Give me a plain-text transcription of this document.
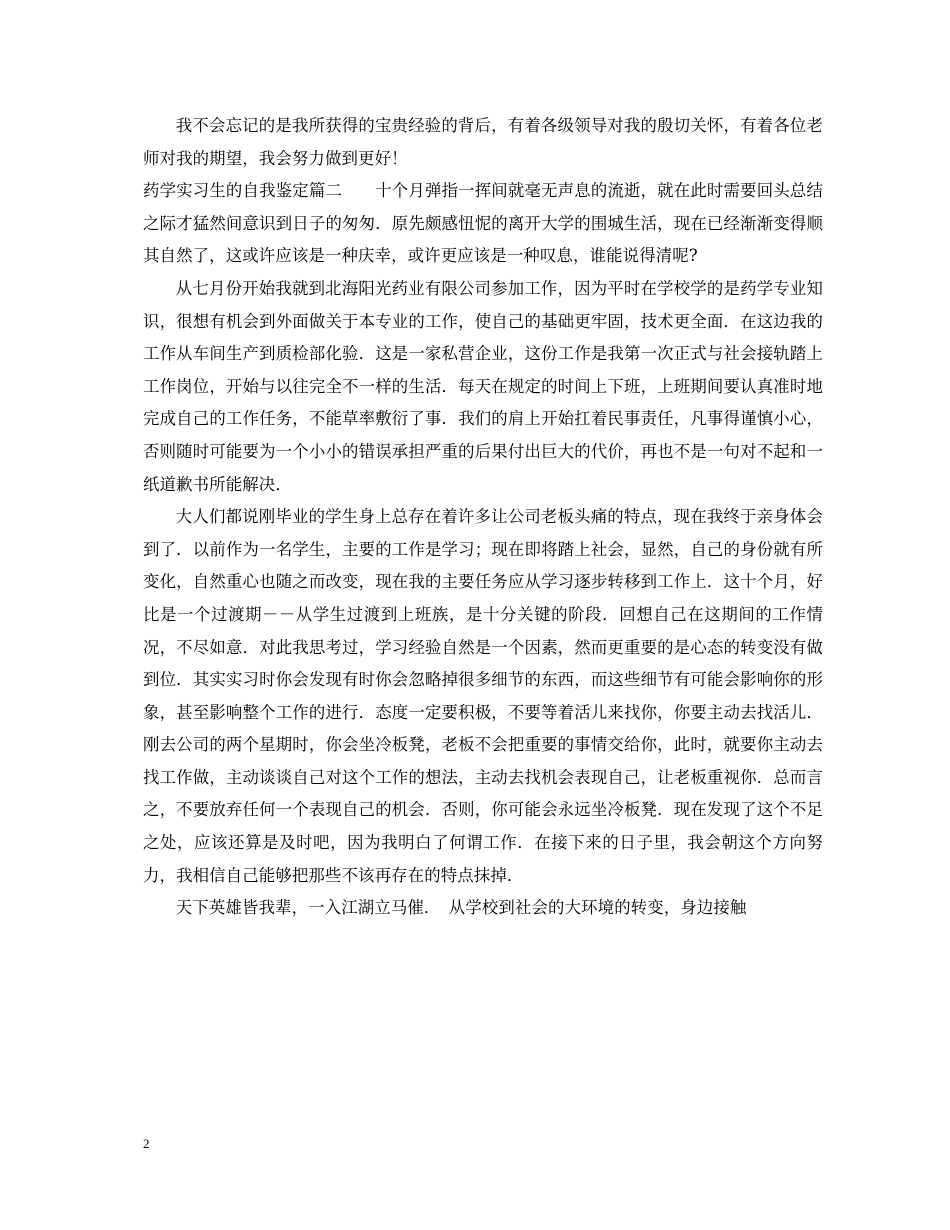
我不会忘记的是我所获得的宝贵经验的背后，有着各级领导对我的殷切关怀，有着各位老师对我的期望，我会努力做到更好！

药学实习生的自我鉴定篇二　　十个月弹指一挥间就毫无声息的流逝，就在此时需要回头总结之际才猛然间意识到日子的匆匆．原先颇感忸怩的离开大学的围城生活，现在已经渐渐变得顺其自然了，这或许应该是一种庆幸，或许更应该是一种叹息，谁能说得清呢?

从七月份开始我就到北海阳光药业有限公司参加工作，因为平时在学校学的是药学专业知识，很想有机会到外面做关于本专业的工作，使自己的基础更牢固，技术更全面．在这边我的工作从车间生产到质检部化验．这是一家私营企业，这份工作是我第一次正式与社会接轨踏上工作岗位，开始与以往完全不一样的生活．每天在规定的时间上下班，上班期间要认真准时地完成自己的工作任务，不能草率敷衍了事．我们的肩上开始扛着民事责任，凡事得谨慎小心，否则随时可能要为一个小小的错误承担严重的后果付出巨大的代价，再也不是一句对不起和一纸道歉书所能解决．

大人们都说刚毕业的学生身上总存在着许多让公司老板头痛的特点，现在我终于亲身体会到了．以前作为一名学生，主要的工作是学习；现在即将踏上社会，显然，自己的身份就有所变化，自然重心也随之而改变，现在我的主要任务应从学习逐步转移到工作上．这十个月，好比是一个过渡期－－从学生过渡到上班族，是十分关键的阶段．回想自己在这期间的工作情况，不尽如意．对此我思考过，学习经验自然是一个因素，然而更重要的是心态的转变没有做到位．其实实习时你会发现有时你会忽略掉很多细节的东西，而这些细节有可能会影响你的形象，甚至影响整个工作的进行．态度一定要积极，不要等着活儿来找你，你要主动去找活儿．刚去公司的两个星期时，你会坐冷板凳，老板不会把重要的事情交给你，此时，就要你主动去找工作做，主动谈谈自己对这个工作的想法，主动去找机会表现自己，让老板重视你．总而言之，不要放弃任何一个表现自己的机会．否则，你可能会永远坐冷板凳．现在发现了这个不足之处，应该还算是及时吧，因为我明白了何谓工作．在接下来的日子里，我会朝这个方向努力，我相信自己能够把那些不该再存在的特点抹掉．

天下英雄皆我辈，一入江湖立马催．　从学校到社会的大环境的转变，身边接触

2
